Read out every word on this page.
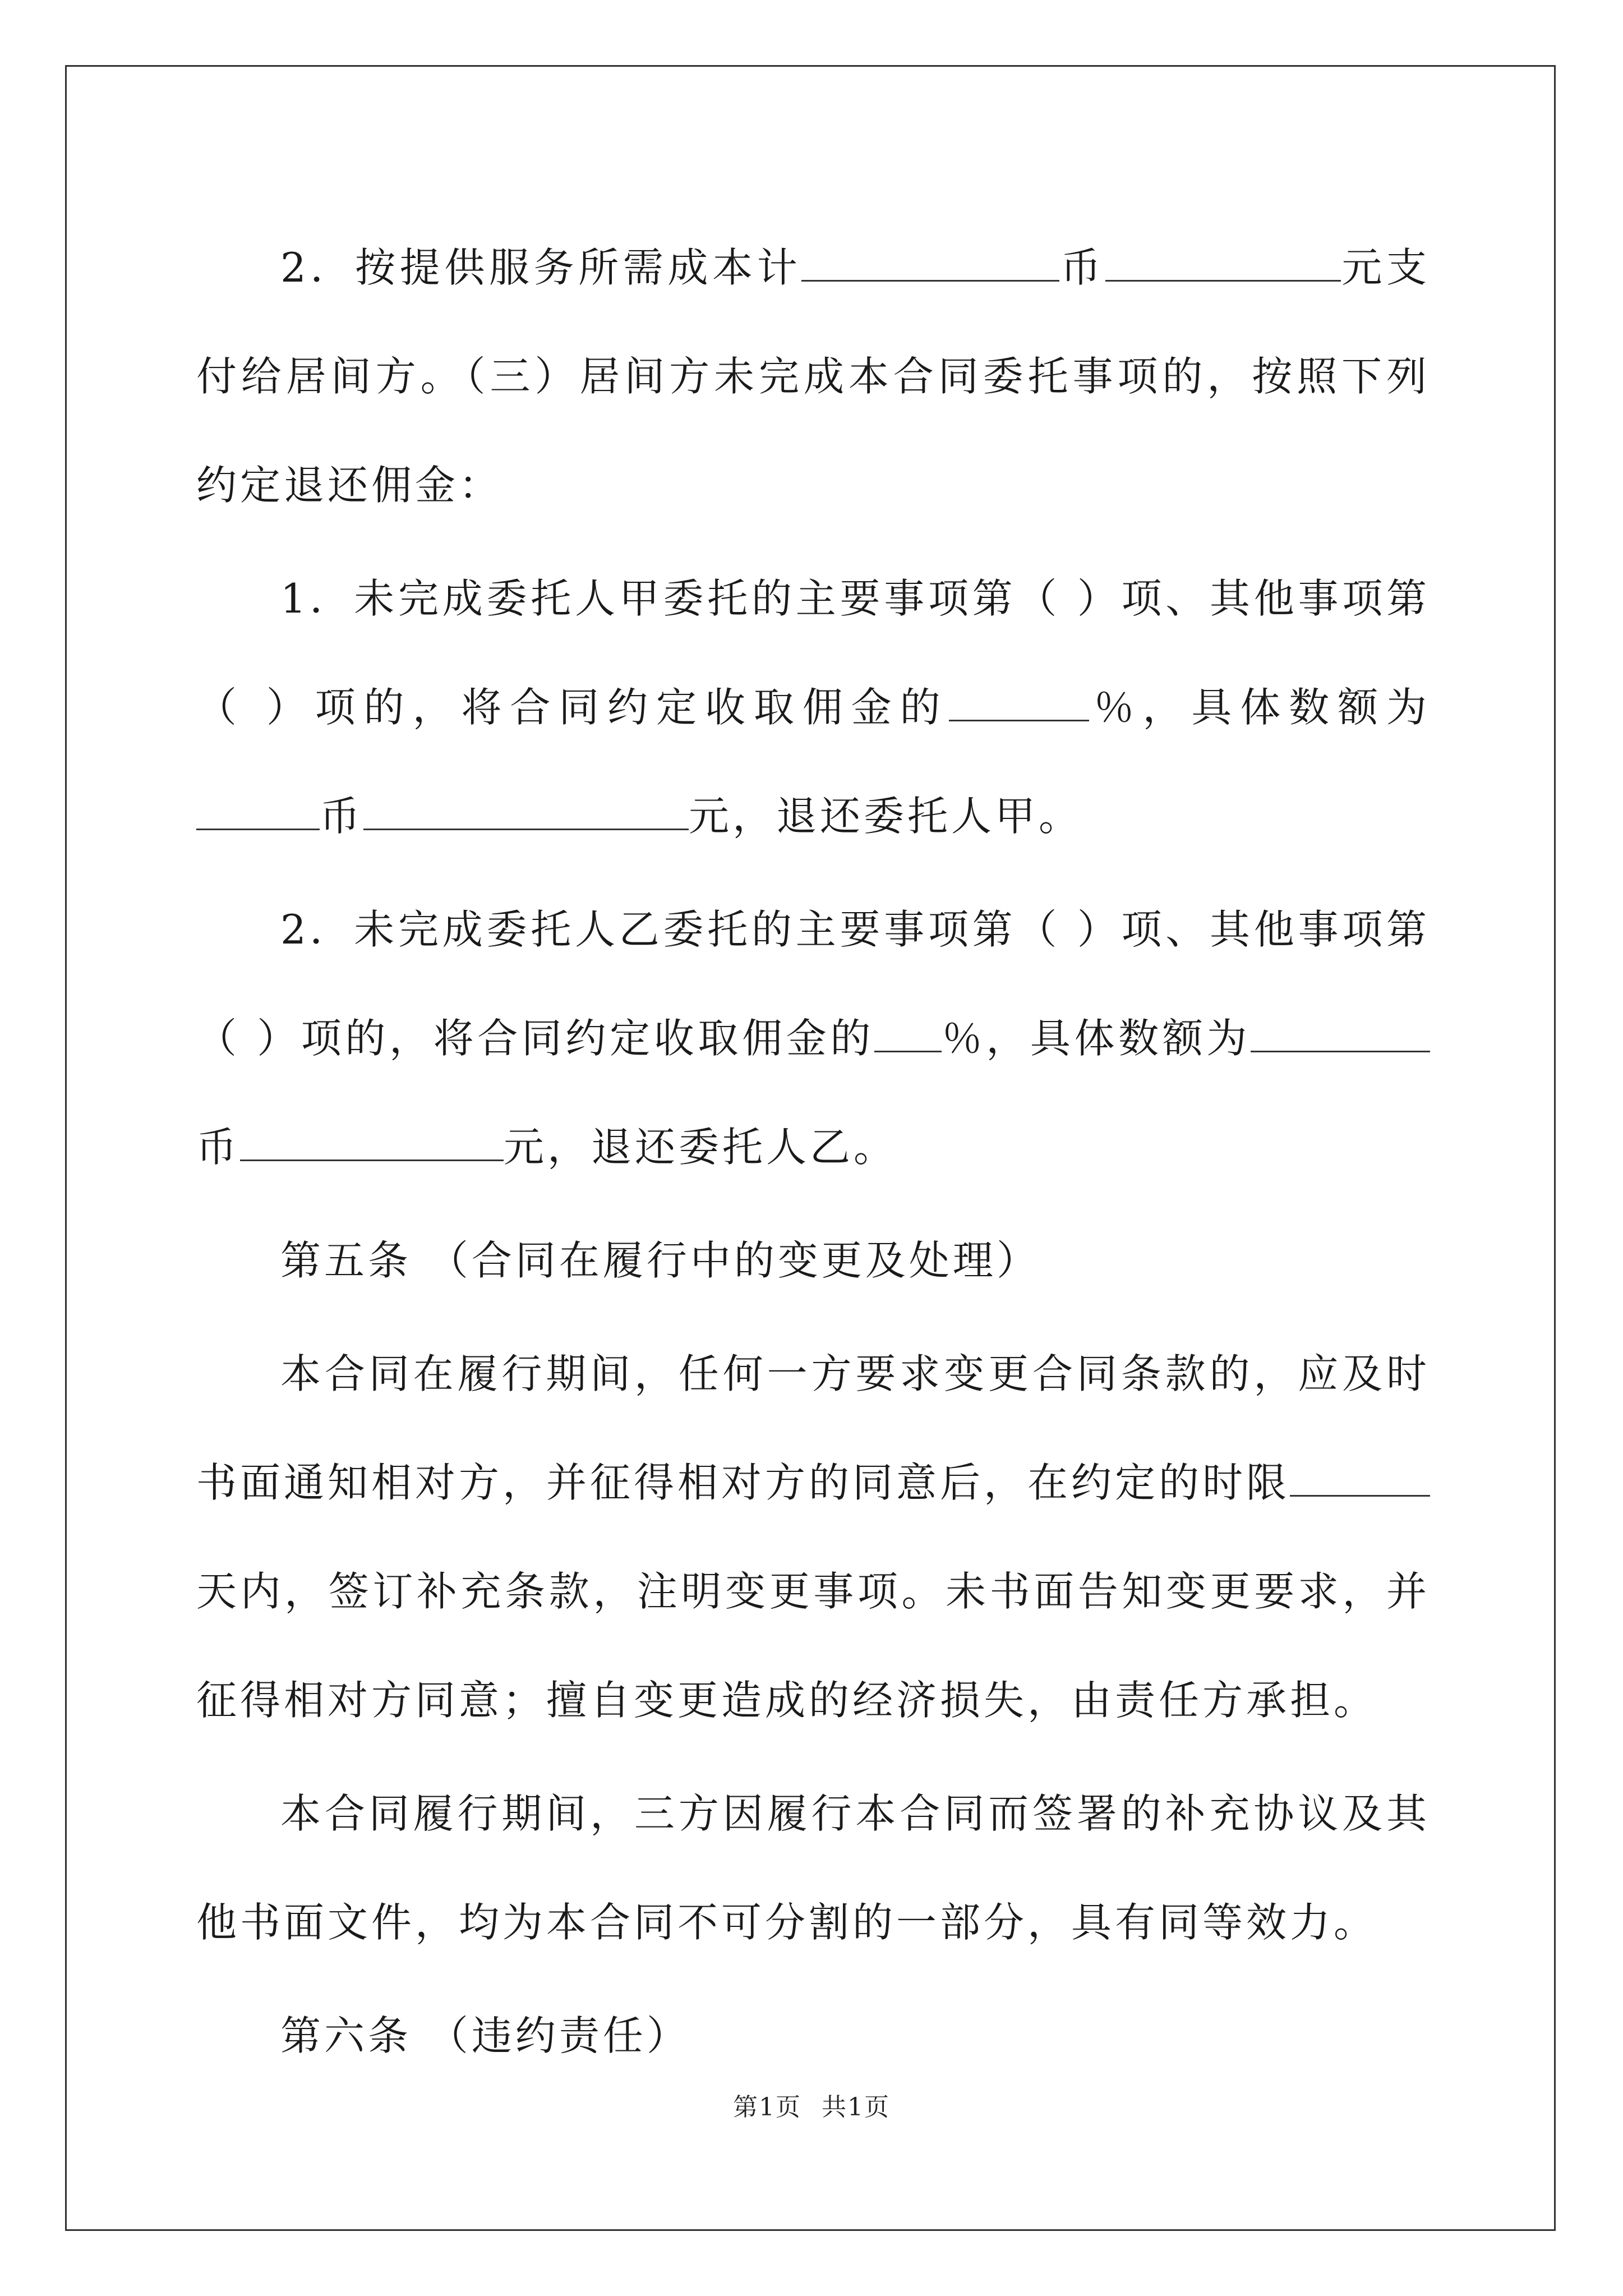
2．按提供服务所需成本计	币	元支付给居间方。（三）居间方未完成本合同委托事项的，按照下列约定退还佣金：

1．未完成委托人甲委托的主要事项第（ ）项、其他事项第（ ）项的，将合同约定收取佣金的	％，具体数额为币	元，退还委托人甲。

2．未完成委托人乙委托的主要事项第（ ）项、其他事项第（ ）项的，将合同约定收取佣金的 ％，具体数额为币	元，退还委托人乙。

第五条 （合同在履行中的变更及处理）

本合同在履行期间，任何一方要求变更合同条款的，应及时书面通知相对方，并征得相对方的同意后，在约定的时限天内，签订补充条款，注明变更事项。未书面告知变更要求，并征得相对方同意；擅自变更造成的经济损失，由责任方承担。

本合同履行期间，三方因履行本合同而签署的补充协议及其他书面文件，均为本合同不可分割的一部分，具有同等效力。

第六条 （违约责任）

第1页 共1页
